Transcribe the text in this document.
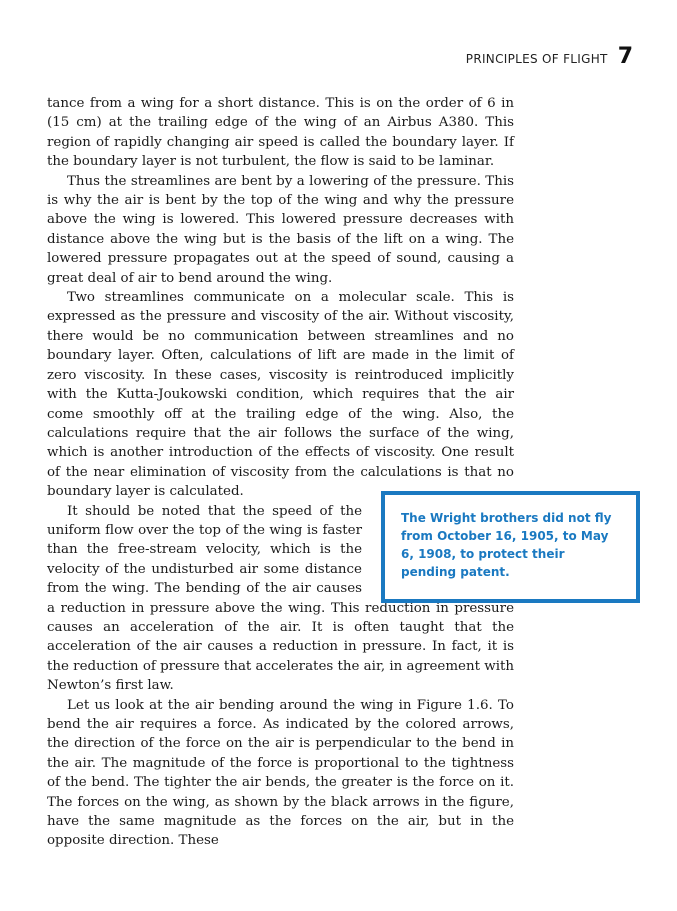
PRINCIPLES OF FLIGHT 7

tance from a wing for a short distance. This is on the order of 6 in (15 cm) at the trailing edge of the wing of an Airbus A380. This region of rapidly changing air speed is called the boundary layer. If the boundary layer is not turbulent, the flow is said to be laminar.

Thus the streamlines are bent by a lowering of the pressure. This is why the air is bent by the top of the wing and why the pressure above the wing is lowered. This lowered pressure decreases with distance above the wing but is the basis of the lift on a wing. The lowered pressure propagates out at the speed of sound, causing a great deal of air to bend around the wing.

Two streamlines communicate on a molecular scale. This is expressed as the pressure and viscosity of the air. Without viscosity, there would be no communication between streamlines and no boundary layer. Often, calculations of lift are made in the limit of zero viscosity. In these cases, viscosity is reintroduced implicitly with the Kutta-Joukowski condition, which requires that the air come smoothly off at the trailing edge of the wing. Also, the calculations require that the air follows the surface of the wing, which is another introduction of the effects of viscosity. One result of the near elimination of viscosity from the calculations is that no boundary layer is calculated.

It should be noted that the speed of the uniform flow over the top of the wing is faster than the free-stream velocity, which is the velocity of the undisturbed air some distance from the wing. The bending of the air causes a reduction in pressure above the wing. This reduction in pressure causes an acceleration of the air. It is often taught that the acceleration of the air causes a reduction in pressure. In fact, it is the reduction of pressure that accelerates the air, in agreement with Newton’s first law.

Let us look at the air bending around the wing in Figure 1.6. To bend the air requires a force. As indicated by the colored arrows, the direction of the force on the air is perpendicular to the bend in the air. The magnitude of the force is proportional to the tightness of the bend. The tighter the air bends, the greater is the force on it. The forces on the wing, as shown by the black arrows in the figure, have the same magnitude as the forces on the air, but in the opposite direction. These

The Wright brothers did not fly from October 16, 1905, to May 6, 1908, to protect their pending patent.
